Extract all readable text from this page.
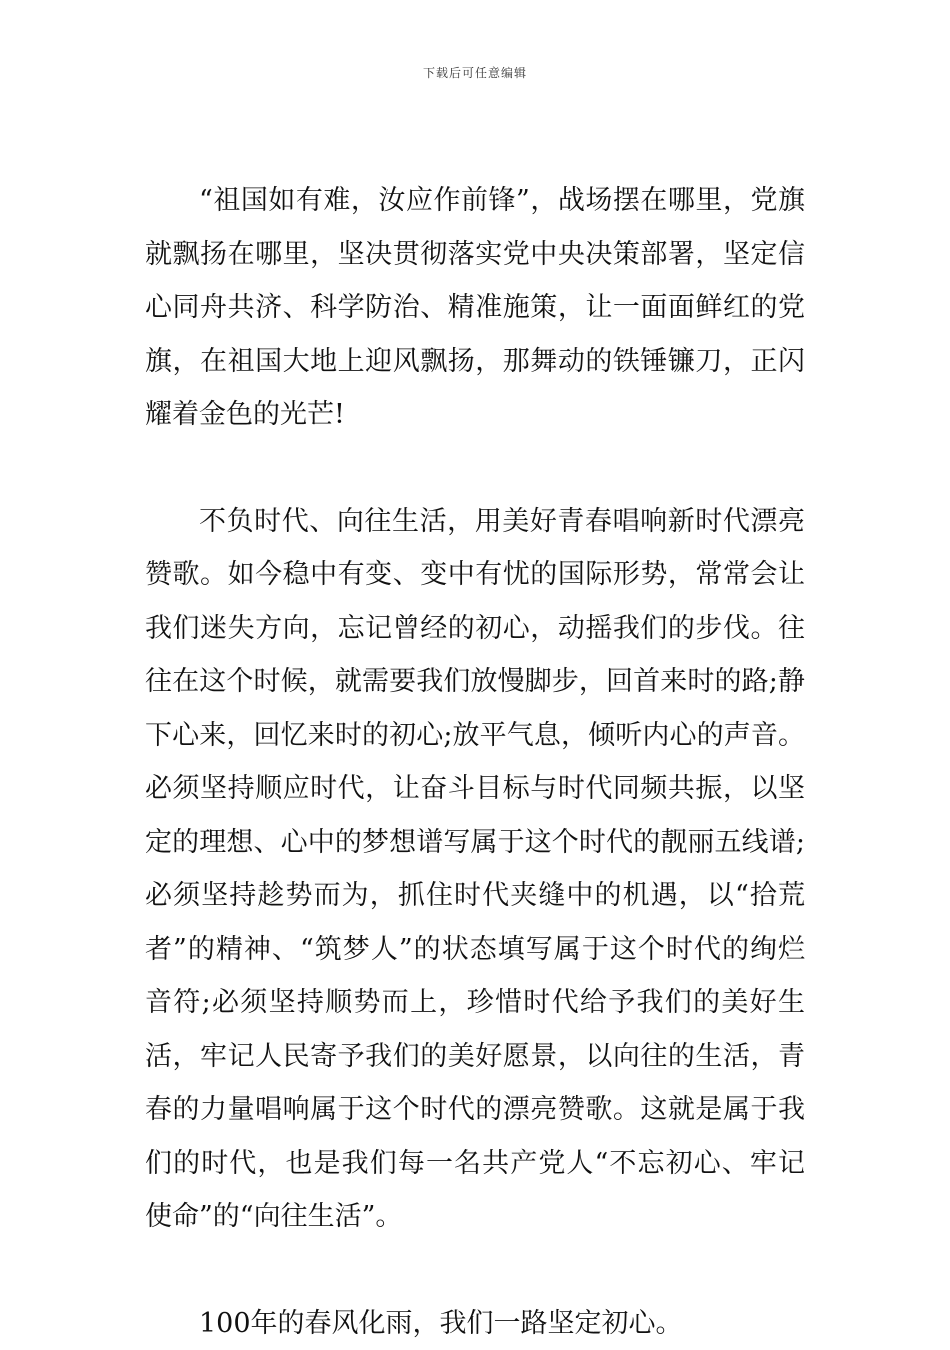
下载后可任意编辑

“祖国如有难，汝应作前锋”，战场摆在哪里，党旗就飘扬在哪里，坚决贯彻落实党中央决策部署，坚定信心同舟共济、科学防治、精准施策，让一面面鲜红的党旗，在祖国大地上迎风飘扬，那舞动的铁锤镰刀，正闪耀着金色的光芒!

不负时代、向往生活，用美好青春唱响新时代漂亮赞歌。如今稳中有变、变中有忧的国际形势，常常会让我们迷失方向，忘记曾经的初心，动摇我们的步伐。往往在这个时候，就需要我们放慢脚步，回首来时的路;静下心来，回忆来时的初心;放平气息，倾听内心的声音。必须坚持顺应时代，让奋斗目标与时代同频共振，以坚定的理想、心中的梦想谱写属于这个时代的靓丽五线谱;必须坚持趁势而为，抓住时代夹缝中的机遇，以“拾荒者”的精神、“筑梦人”的状态填写属于这个时代的绚烂音符;必须坚持顺势而上，珍惜时代给予我们的美好生活，牢记人民寄予我们的美好愿景，以向往的生活，青春的力量唱响属于这个时代的漂亮赞歌。这就是属于我们的时代，也是我们每一名共产党人“不忘初心、牢记使命”的“向往生活”。

100年的春风化雨，我们一路坚定初心。
